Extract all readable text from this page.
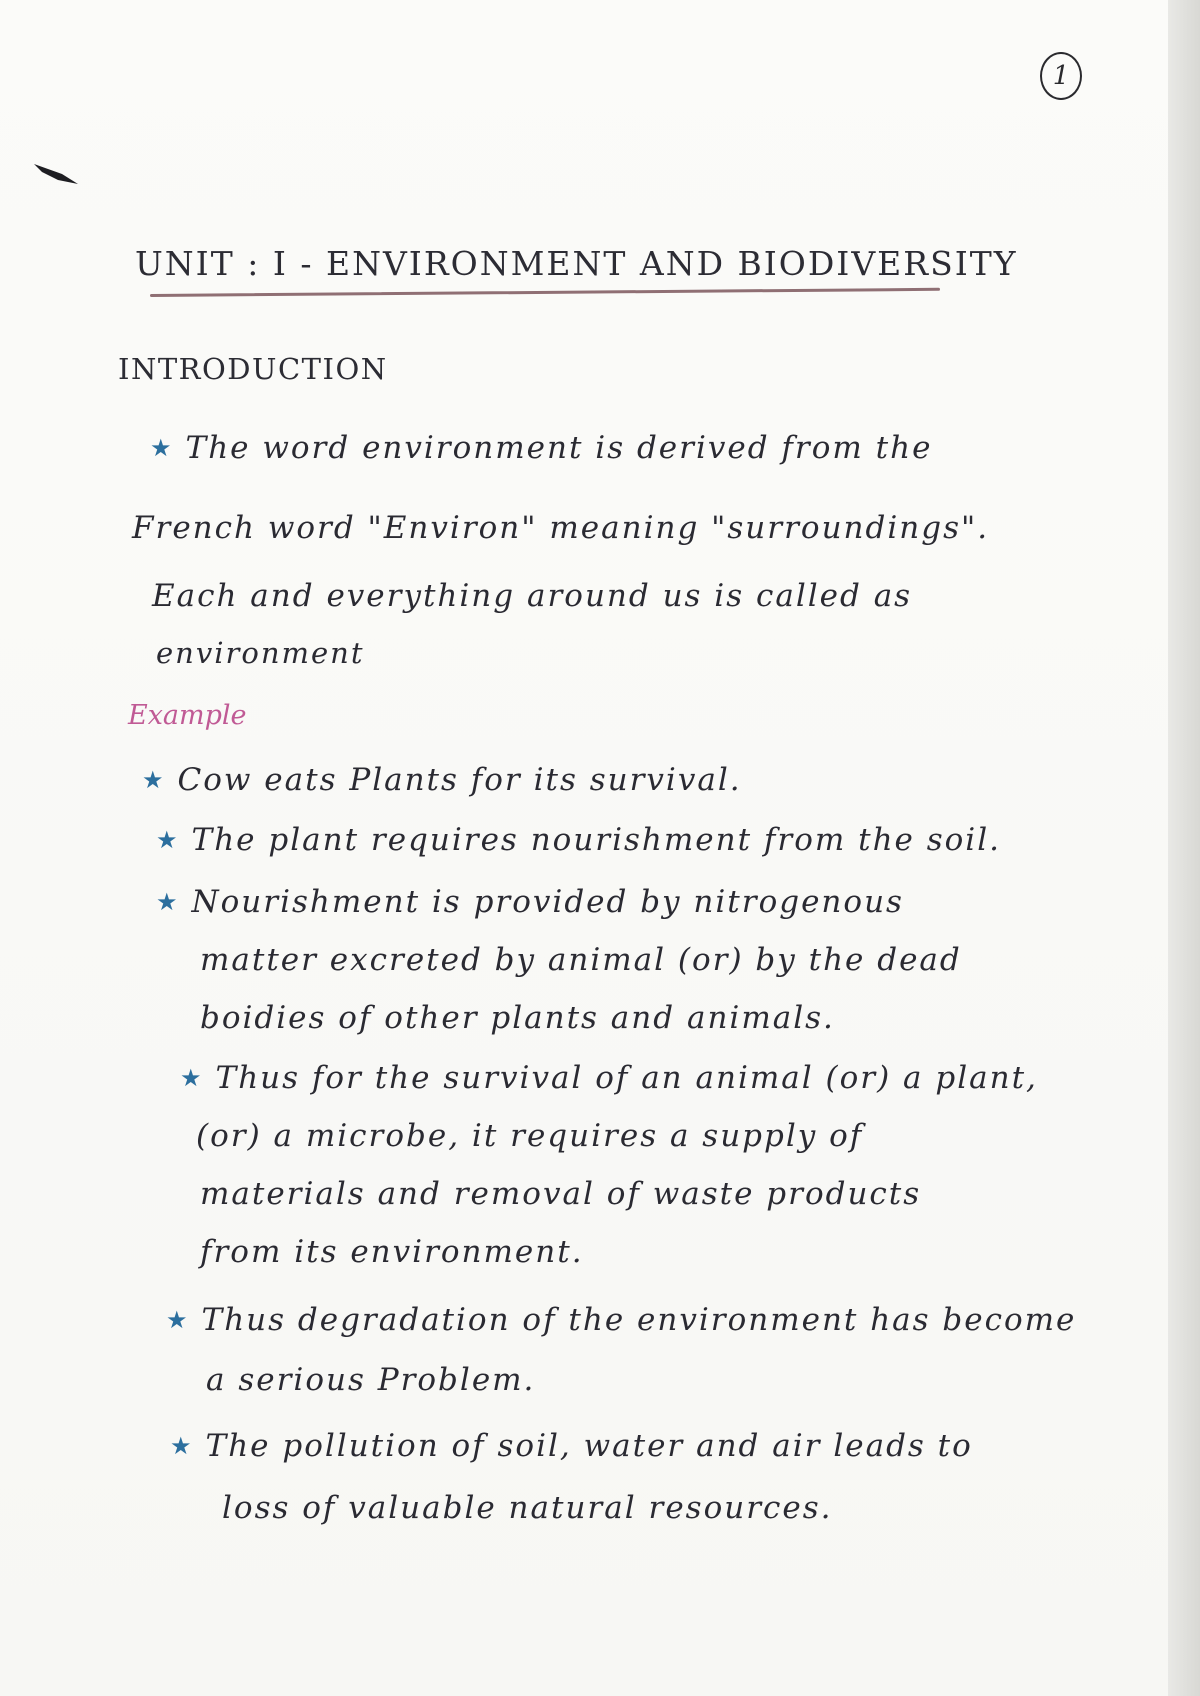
1
UNIT : I - ENVIRONMENT AND BIODIVERSITY
INTRODUCTION
★ The word environment is derived from the
French word "Environ" meaning "surroundings".
Each and everything around us is called as
environment
Example
★ Cow eats Plants for its survival.
★ The plant requires nourishment from the soil.
★ Nourishment is provided by nitrogenous
matter excreted by animal (or) by the dead
boidies of other plants and animals.
★ Thus for the survival of an animal (or) a plant,
(or) a microbe, it requires a supply of
materials and removal of waste products
from its environment.
★ Thus degradation of the environment has become
a serious Problem.
★ The pollution of soil, water and air leads to
loss of valuable natural resources.
